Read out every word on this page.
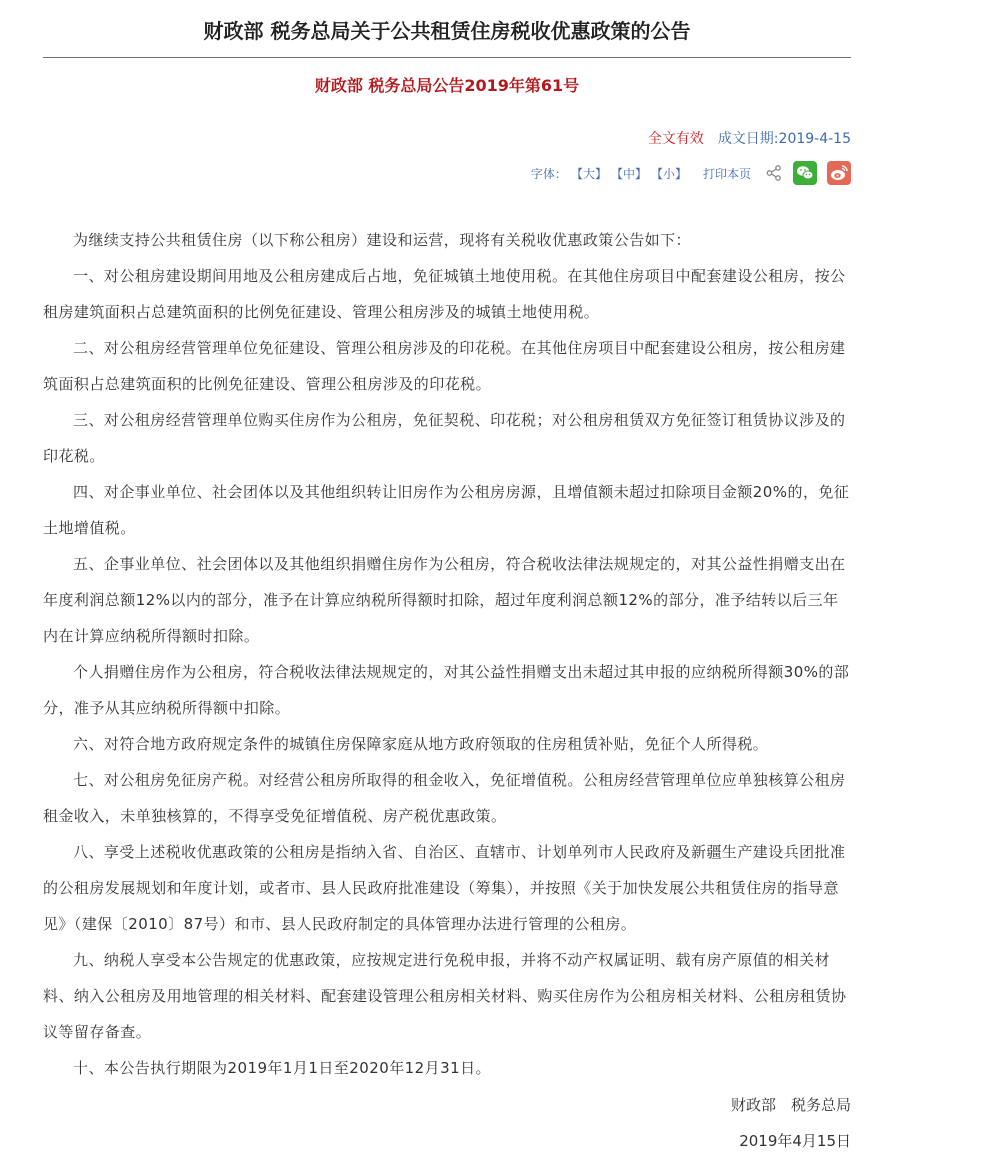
财政部 税务总局关于公共租赁住房税收优惠政策的公告
财政部 税务总局公告2019年第61号
全文有效 成文日期:2019-4-15
字体： 【大】 【中】 【小】 打印本页

为继续支持公共租赁住房（以下称公租房）建设和运营，现将有关税收优惠政策公告如下：

一、对公租房建设期间用地及公租房建成后占地，免征城镇土地使用税。在其他住房项目中配套建设公租房，按公租房建筑面积占总建筑面积的比例免征建设、管理公租房涉及的城镇土地使用税。

二、对公租房经营管理单位免征建设、管理公租房涉及的印花税。在其他住房项目中配套建设公租房，按公租房建筑面积占总建筑面积的比例免征建设、管理公租房涉及的印花税。

三、对公租房经营管理单位购买住房作为公租房，免征契税、印花税；对公租房租赁双方免征签订租赁协议涉及的印花税。

四、对企事业单位、社会团体以及其他组织转让旧房作为公租房房源，且增值额未超过扣除项目金额20%的，免征土地增值税。

五、企事业单位、社会团体以及其他组织捐赠住房作为公租房，符合税收法律法规规定的，对其公益性捐赠支出在年度利润总额12%以内的部分，准予在计算应纳税所得额时扣除，超过年度利润总额12%的部分，准予结转以后三年内在计算应纳税所得额时扣除。

个人捐赠住房作为公租房，符合税收法律法规规定的，对其公益性捐赠支出未超过其申报的应纳税所得额30%的部分，准予从其应纳税所得额中扣除。

六、对符合地方政府规定条件的城镇住房保障家庭从地方政府领取的住房租赁补贴，免征个人所得税。

七、对公租房免征房产税。对经营公租房所取得的租金收入，免征增值税。公租房经营管理单位应单独核算公租房租金收入，未单独核算的，不得享受免征增值税、房产税优惠政策。

八、享受上述税收优惠政策的公租房是指纳入省、自治区、直辖市、计划单列市人民政府及新疆生产建设兵团批准的公租房发展规划和年度计划，或者市、县人民政府批准建设（筹集），并按照《关于加快发展公共租赁住房的指导意见》（建保〔2010〕87号）和市、县人民政府制定的具体管理办法进行管理的公租房。

九、纳税人享受本公告规定的优惠政策，应按规定进行免税申报，并将不动产权属证明、载有房产原值的相关材料、纳入公租房及用地管理的相关材料、配套建设管理公租房相关材料、购买住房作为公租房相关材料、公租房租赁协议等留存备查。

十、本公告执行期限为2019年1月1日至2020年12月31日。

财政部　税务总局
2019年4月15日
